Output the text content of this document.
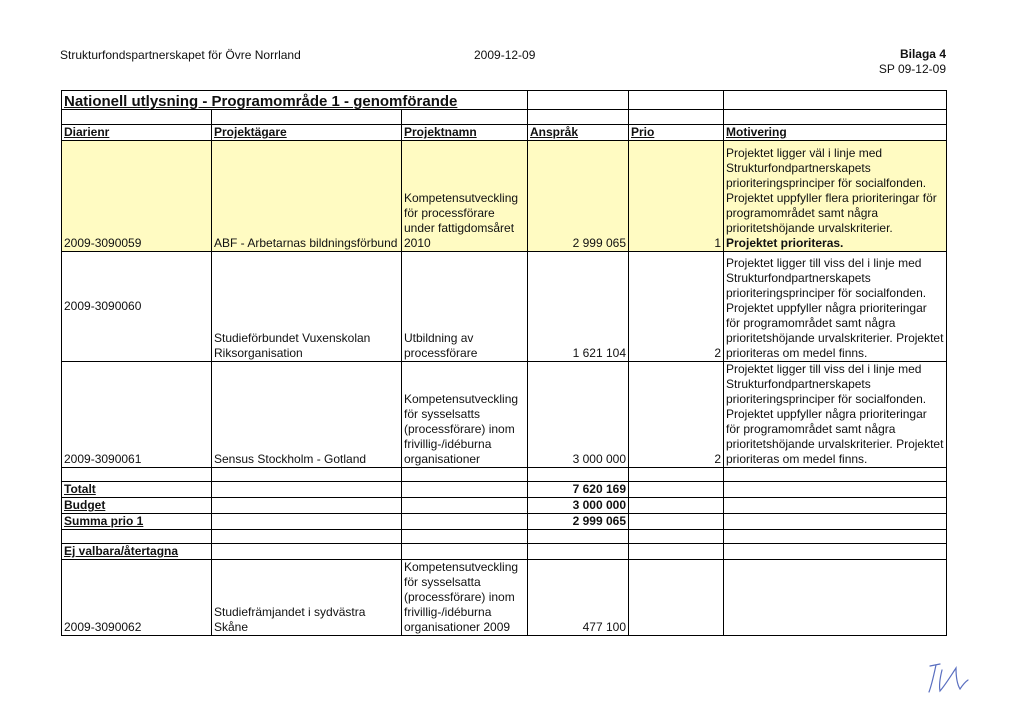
Strukturfondspartnerskapet för Övre Norrland	2009-12-09	Bilaga 4
SP 09-12-09
Nationell utlysning - Programområde 1 - genomförande					

Diarienr	Projektägare	Projektnamn	Anspråk	Prio	Motivering
2009-3090059	ABF - Arbetarnas bildningsförbund	Kompetensutveckling för processförare under fattigdomsåret 2010	2 999 065	1	Projektet ligger väl i linje med Strukturfondpartnerskapets prioriteringsprinciper för socialfonden. Projektet uppfyller flera prioriteringar för programområdet samt några prioritetshöjande urvalskriterier. Projektet prioriteras.
2009-3090060	Studieförbundet Vuxenskolan Riksorganisation	Utbildning av processförare	1 621 104	2	Projektet ligger till viss del i linje med Strukturfondpartnerskapets prioriteringsprinciper för socialfonden. Projektet uppfyller några prioriteringar för programområdet samt några prioritetshöjande urvalskriterier. Projektet prioriteras om medel finns.
2009-3090061	Sensus Stockholm - Gotland	Kompetensutveckling för sysselsatts (processförare) inom frivillig-/idéburna organisationer	3 000 000	2	Projektet ligger till viss del i linje med Strukturfondpartnerskapets prioriteringsprinciper för socialfonden. Projektet uppfyller några prioriteringar för programområdet samt några prioritetshöjande urvalskriterier. Projektet prioriteras om medel finns.

Totalt			7 620 169		
Budget			3 000 000		
Summa prio 1			2 999 065		

Ej valbara/återtagna					
2009-3090062	Studiefrämjandet i sydvästra Skåne	Kompetensutveckling för sysselsatta (processförare) inom frivillig-/idéburna organisationer 2009	477 100		
